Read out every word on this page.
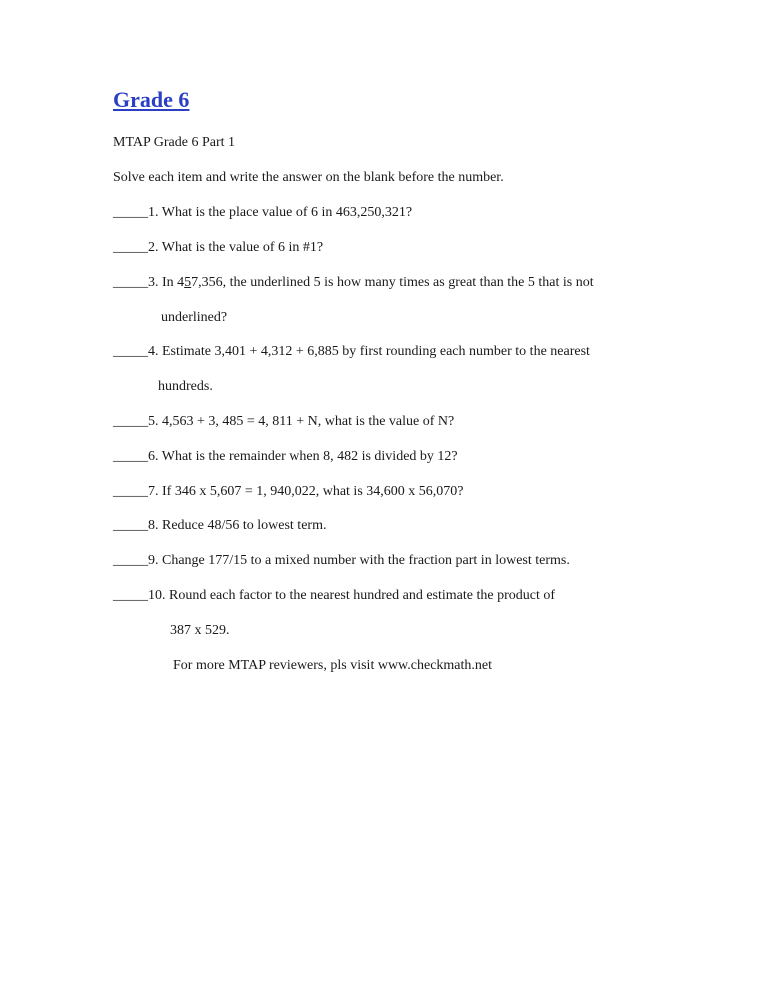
Grade 6
MTAP Grade 6 Part 1
Solve each item and write the answer on the blank before the number.
_____1. What is the place value of 6 in 463,250,321?
_____2. What is the value of 6 in #1?
_____3. In 457,356, the underlined 5 is how many times as great than the 5 that is not
underlined?
_____4. Estimate 3,401 + 4,312 + 6,885 by first rounding each number to the nearest
hundreds.
_____5. 4,563 + 3, 485 = 4, 811 + N, what is the value of N?
_____6. What is the remainder when 8, 482 is divided by 12?
_____7. If 346 x 5,607 = 1, 940,022, what is 34,600 x 56,070?
_____8. Reduce 48/56 to lowest term.
_____9. Change 177/15 to a mixed number with the fraction part in lowest terms.
_____10. Round each factor to the nearest hundred and estimate the product of
387 x 529.
For more MTAP reviewers, pls visit www.checkmath.net
